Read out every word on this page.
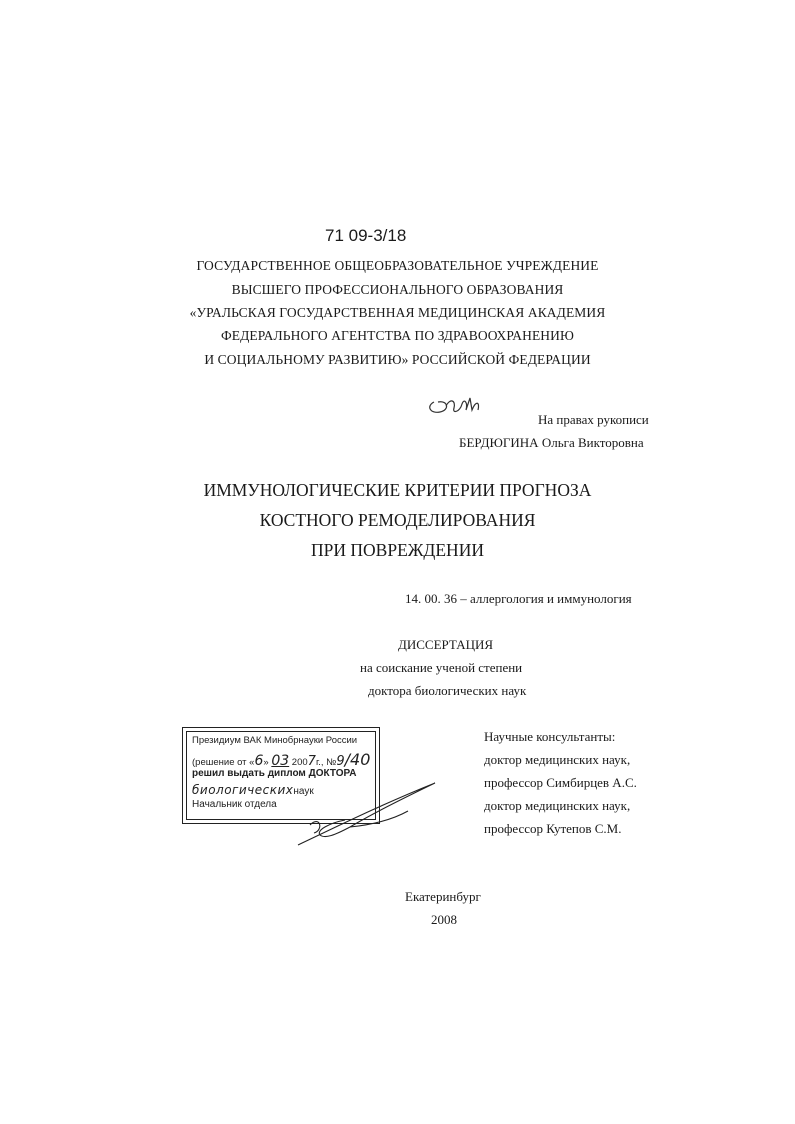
71 09-3/18
ГОСУДАРСТВЕННОЕ ОБЩЕОБРАЗОВАТЕЛЬНОЕ УЧРЕЖДЕНИЕ
ВЫСШЕГО ПРОФЕССИОНАЛЬНОГО ОБРАЗОВАНИЯ
«УРАЛЬСКАЯ ГОСУДАРСТВЕННАЯ МЕДИЦИНСКАЯ АКАДЕМИЯ
ФЕДЕРАЛЬНОГО АГЕНТСТВА ПО ЗДРАВООХРАНЕНИЮ
И СОЦИАЛЬНОМУ РАЗВИТИЮ» РОССИЙСКОЙ ФЕДЕРАЦИИ
На правах рукописи
БЕРДЮГИНА Ольга Викторовна
ИММУНОЛОГИЧЕСКИЕ КРИТЕРИИ ПРОГНОЗА
КОСТНОГО РЕМОДЕЛИРОВАНИЯ
ПРИ ПОВРЕЖДЕНИИ
14. 00. 36 – аллергология и иммунология
ДИССЕРТАЦИЯ
на соискание ученой степени
доктора биологических наук
Научные консультанты:
доктор медицинских наук,
профессор Симбирцев А.С.
доктор медицинских наук,
профессор Кутепов С.М.
Президиум ВАК Минобрнауки России
(решение от «6» 03 2007г., №9/40
решил выдать диплом ДОКТОРА
биологическихнаук
Начальник отдела
Екатеринбург
2008
